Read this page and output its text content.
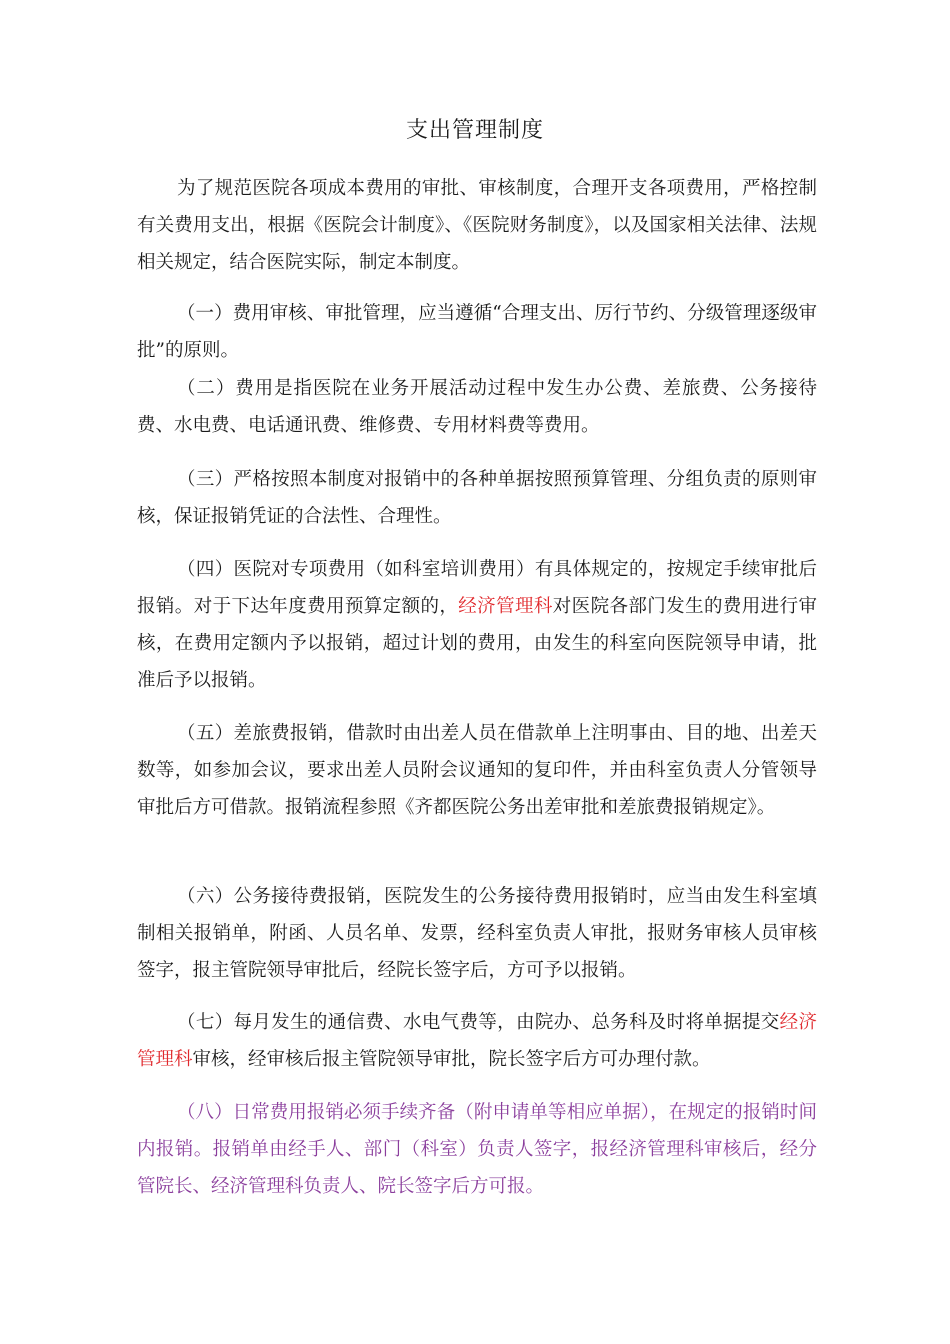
支出管理制度

为了规范医院各项成本费用的审批、审核制度，合理开支各项费用，严格控制有关费用支出，根据《医院会计制度》、《医院财务制度》，以及国家相关法律、法规相关规定，结合医院实际，制定本制度。

（一）费用审核、审批管理，应当遵循“合理支出、厉行节约、分级管理逐级审批”的原则。

（二）费用是指医院在业务开展活动过程中发生办公费、差旅费、公务接待费、水电费、电话通讯费、维修费、专用材料费等费用。

（三）严格按照本制度对报销中的各种单据按照预算管理、分组负责的原则审核，保证报销凭证的合法性、合理性。

（四）医院对专项费用（如科室培训费用）有具体规定的，按规定手续审批后报销。对于下达年度费用预算定额的，经济管理科对医院各部门发生的费用进行审核，在费用定额内予以报销，超过计划的费用，由发生的科室向医院领导申请，批准后予以报销。

（五）差旅费报销，借款时由出差人员在借款单上注明事由、目的地、出差天数等，如参加会议，要求出差人员附会议通知的复印件，并由科室负责人分管领导审批后方可借款。报销流程参照《齐都医院公务出差审批和差旅费报销规定》。

（六）公务接待费报销，医院发生的公务接待费用报销时，应当由发生科室填制相关报销单，附函、人员名单、发票，经科室负责人审批，报财务审核人员审核签字，报主管院领导审批后，经院长签字后，方可予以报销。

（七）每月发生的通信费、水电气费等，由院办、总务科及时将单据提交经济管理科审核，经审核后报主管院领导审批，院长签字后方可办理付款。

（八）日常费用报销必须手续齐备（附申请单等相应单据），在规定的报销时间内报销。报销单由经手人、部门（科室）负责人签字，报经济管理科审核后，经分管院长、经济管理科负责人、院长签字后方可报。
